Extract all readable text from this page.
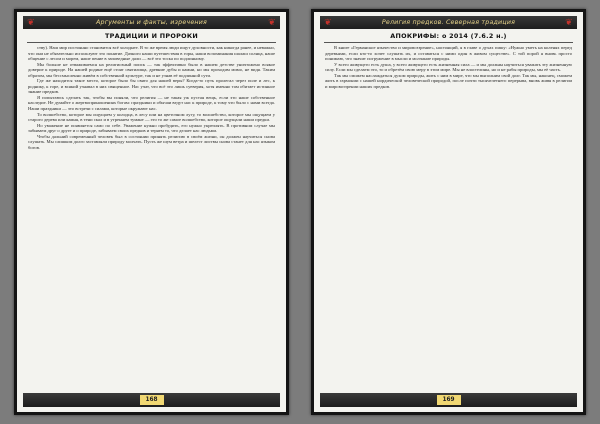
❦	Аргументы и факты, изречения	❦
ТРАДИЦИИ И ПРОРОКИ

ству). Наш мир постоянно становится всё холоднее. В то же время люди ищут духовности, как никогда ранее, и неважно, что они не обязательно используют это понятие. Дачного наши путешествия в горы, наши вспоминания шалаш солнца, наше общение с лесом и морем, наше пение в заповедные дали — всё это тоска по подлинному.

Мы больше не отваживаемся на религиозный поиск — так эффективно было в нашем детстве уничтожено всякое доверие к природе. На нашей родине ещё стоят святилища, древние дубы и камни, но мы проходим мимо, не видя. Таким образом, мы бессмысленно живём в собственной культуре, так и не узнав её подлинной сути.

Где же находится такое место, которое было бы свято для нашей веры? Когда-то путь пролегал через поле и лес, к роднику, к горе, и всякий узнавал в них священное. Нас учат, что всё это лишь суеверия, хотя именно там обитает истинное знание предков.

Я попытаюсь сделать так, чтобы вы поняли, что религия — не такая уж пустая вещь, если это наше собственное наследие. Не думайте о жертвоприношениях богам: праздники и обычаи ведут нас к природе, к тому что было с нами всегда. Наши праздники — это встречи с силами, которые окружают нас.

То волшебство, которое мы ощущаем у колодца, в лесу или на цветочном лугу, то волшебство, которое мы ощущаем у старого дерева или камня, в тени скал и в утреннем тумане — это то же самое волшебство, которое ощущали наши предки.

Но уважение не появляется само по себе. Уважение нужно пробудить, его нужно укреплять. В противном случае мы забываем друг о друге и о природе, забываем своих предков и теряем то, что делает нас людьми.

Чтобы дальний современный человек был в состоянии принять религию в своём жизни, он должен научиться снова слушать. Мы слишком долго заставляли природу молчать. Пусть же шум ветра и шелест листвы снова станет для нас языком богов.

168
❦	Религия предков. Северная традиция	❦
АПОКРИФЫ: о 2014 (7.6.2 н.)

В книге «Германское язычество и мировоззрение», настоящий, я в главе о духах пишу: «Нужно уметь на коленях перед деревьями, если кто-то хочет слушать их, и оставаться с ними один в живом существе». С той порой я вновь просто понимаю, что значит погружение в мысли и молчание природы.

У всего живущего есть душа, у всего живущего есть жизненная сила — и мы должны научиться уважать эту жизненную силу. Если мы сделаем это, то и обретём свою меру в этом мире. Мы не властелины, но и не рабы природы, мы её часть.

Так мы сможем наслаждаться духом природы, жить с ним в мире, что мы выполним свой долг. Так мы, наконец, сможем жить в гармонии с нашей нордической человеческой природой, после почти тысячелетнего перерыва, вновь живя в религии и мировоззрении наших предков.

169
